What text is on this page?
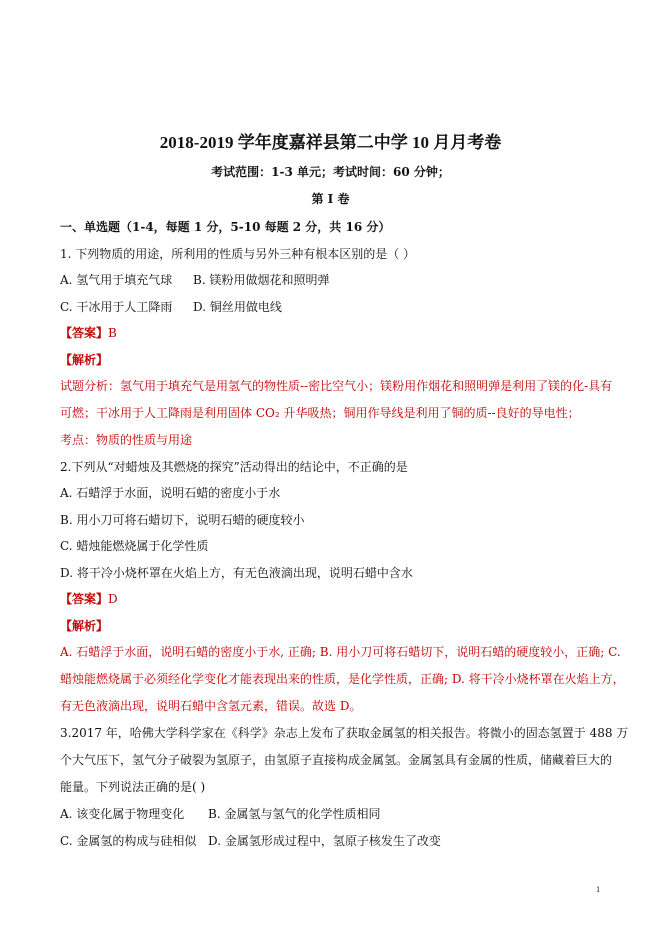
2018-2019 学年度嘉祥县第二中学 10 月月考卷
考试范围：1-3 单元；考试时间：60 分钟；
第 I 卷
一、单选题（1-4，每题 1 分，5-10 每题 2 分，共 16 分）
1. 下列物质的用途，所利用的性质与另外三种有根本区别的是（ ）
A. 氢气用于填充气球 B. 镁粉用做烟花和照明弹
C. 干冰用于人工降雨 D. 铜丝用做电线
【答案】B
【解析】
试题分析：氢气用于填充气是用氢气的物性质--密比空气小；镁粉用作烟花和照明弹是利用了镁的化-具有
可燃；干冰用于人工降雨是利用固体 CO₂ 升华吸热；铜用作导线是利用了铜的质--良好的导电性；
考点：物质的性质与用途
2.下列从“对蜡烛及其燃烧的探究”活动得出的结论中，不正确的是
A. 石蜡浮于水面，说明石蜡的密度小于水
B. 用小刀可将石蜡切下，说明石蜡的硬度较小
C. 蜡烛能燃烧属于化学性质
D. 将干冷小烧杯罩在火焰上方，有无色液滴出现，说明石蜡中含水
【答案】D
【解析】
A. 石蜡浮于水面，说明石蜡的密度小于水, 正确; B. 用小刀可将石蜡切下，说明石蜡的硬度较小，正确; C.
蜡烛能燃烧属于必须经化学变化才能表现出来的性质，是化学性质，正确; D. 将干冷小烧杯罩在火焰上方，
有无色液滴出现，说明石蜡中含氢元素，错误。故选 D。
3.2017 年，哈佛大学科学家在《科学》杂志上发布了获取金属氢的相关报告。将微小的固态氢置于 488 万
个大气压下，氢气分子破裂为氢原子，由氢原子直接构成金属氢。金属氢具有金属的性质，储藏着巨大的
能量。下列说法正确的是( )
A. 该变化属于物理变化 B. 金属氢与氢气的化学性质相同
C. 金属氢的构成与硅相似 D. 金属氢形成过程中，氢原子核发生了改变
1
